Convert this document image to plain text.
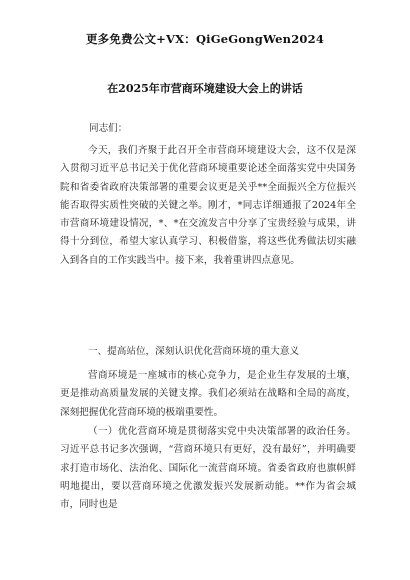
更多免费公文+VX：QiGeGongWen2024
在2025年市营商环境建设大会上的讲话
同志们：

今天，我们齐聚于此召开全市营商环境建设大会，这不仅是深入贯彻习近平总书记关于优化营商环境重要论述全面落实党中央国务院和省委省政府决策部署的重要会议更是关乎**全面振兴全方位振兴能否取得实质性突破的关键之举。刚才，*同志详细通报了2024年全市营商环境建设情况，*、*在交流发言中分享了宝贵经验与成果，讲得十分到位，希望大家认真学习、积极借鉴，将这些优秀做法切实融入到各自的工作实践当中。接下来，我着重讲四点意见。

一、提高站位，深刻认识优化营商环境的重大意义

营商环境是一座城市的核心竞争力，是企业生存发展的土壤，更是推动高质量发展的关键支撑。我们必须站在战略和全局的高度，深刻把握优化营商环境的极端重要性。

（一）优化营商环境是贯彻落实党中央决策部署的政治任务。习近平总书记多次强调，“营商环境只有更好，没有最好”，并明确要求打造市场化、法治化、国际化一流营商环境。省委省政府也旗帜鲜明地提出，要以营商环境之优激发振兴发展新动能。**作为省会城市，同时也是
